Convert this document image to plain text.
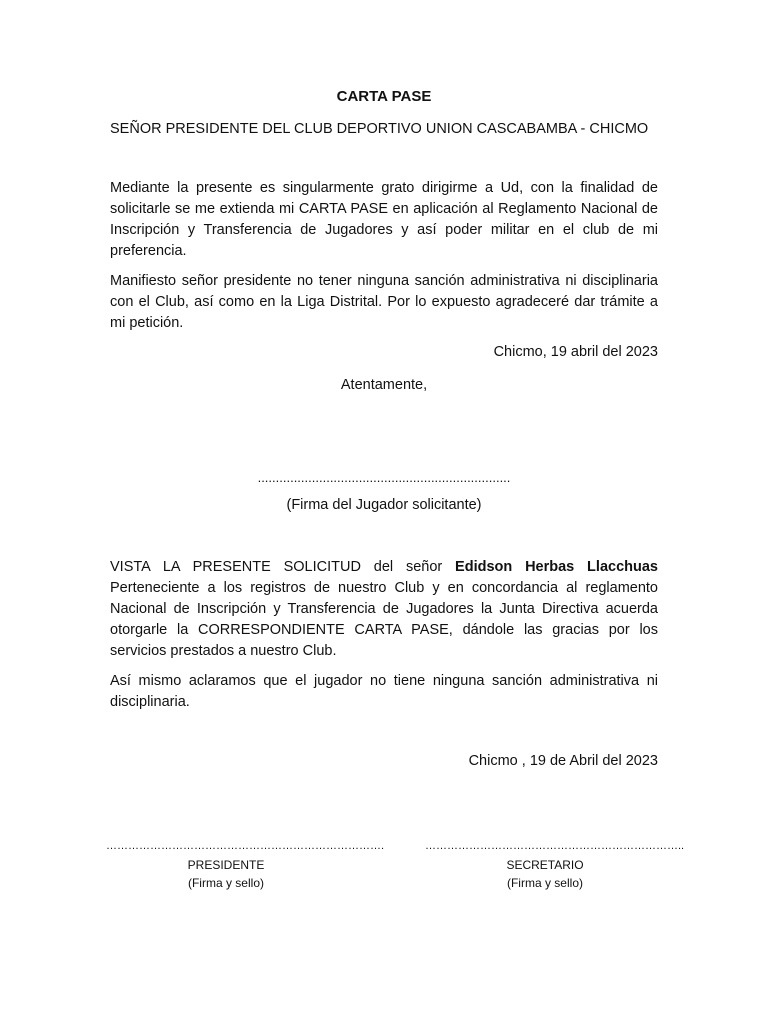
CARTA PASE

SEÑOR PRESIDENTE DEL CLUB DEPORTIVO UNION CASCABAMBA - CHICMO

Mediante la presente es singularmente grato dirigirme a Ud, con la finalidad de solicitarle se me extienda mi CARTA PASE en aplicación al Reglamento Nacional de Inscripción y Transferencia de Jugadores y así poder militar en el club de mi preferencia.

Manifiesto señor presidente no tener ninguna sanción administrativa ni disciplinaria con el Club, así como en la Liga Distrital. Por lo expuesto agradeceré dar trámite a mi petición.

Chicmo, 19 abril del 2023

Atentamente,

......................................................................

(Firma del Jugador solicitante)

VISTA LA PRESENTE SOLICITUD del señor Edidson Herbas Llacchuas Perteneciente a los registros de nuestro Club y en concordancia al reglamento Nacional de Inscripción y Transferencia de Jugadores la Junta Directiva acuerda otorgarle la CORRESPONDIENTE CARTA PASE, dándole las gracias por los servicios prestados a nuestro Club.

Así mismo aclaramos que el jugador no tiene ninguna sanción administrativa ni disciplinaria.

Chicmo , 19 de Abril del 2023

………………………………………………………………….
PRESIDENTE
(Firma y sello)
……………………………………………………………..
SECRETARIO
(Firma y sello)
